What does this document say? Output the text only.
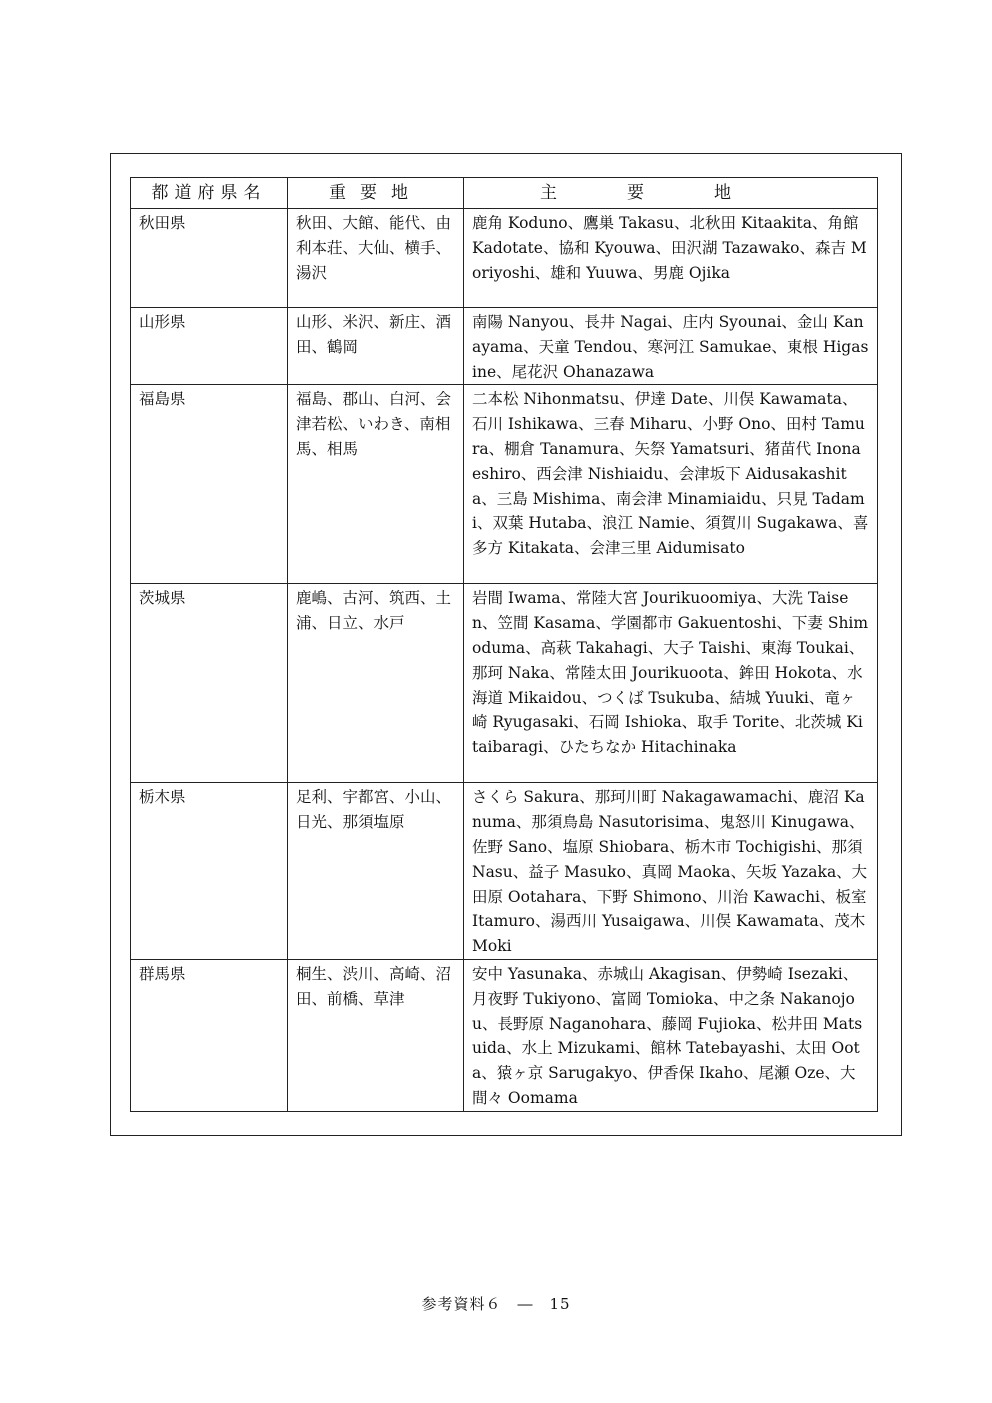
都道府県名	重要地	主要地
秋田県	秋田、大館、能代、由利本荘、大仙、横手、湯沢	鹿角 Koduno、鷹巣 Takasu、北秋田 Kitaakita、角館 Kadotate、協和 Kyouwa、田沢湖 Tazawako、森吉 Moriyoshi、雄和 Yuuwa、男鹿 Ojika
山形県	山形、米沢、新庄、酒田、鶴岡	南陽 Nanyou、長井 Nagai、庄内 Syounai、金山 Kanayama、天童 Tendou、寒河江 Samukae、東根 Higasine、尾花沢 Ohanazawa
福島県	福島、郡山、白河、会津若松、いわき、南相馬、相馬	二本松 Nihonmatsu、伊達 Date、川俣 Kawamata、石川 Ishikawa、三春 Miharu、小野 Ono、田村 Tamura、棚倉 Tanamura、矢祭 Yamatsuri、猪苗代 Inonaeshiro、西会津 Nishiaidu、会津坂下 Aidusakashita、三島 Mishima、南会津 Minamiaidu、只見 Tadami、双葉 Hutaba、浪江 Namie、須賀川 Sugakawa、喜多方 Kitakata、会津三里 Aidumisato
茨城県	鹿嶋、古河、筑西、土浦、日立、水戸	岩間 Iwama、常陸大宮 Jourikuoomiya、大洗 Taisen、笠間 Kasama、学園都市 Gakuentoshi、下妻 Shimoduma、高萩 Takahagi、大子 Taishi、東海 Toukai、那珂 Naka、常陸太田 Jourikuoota、鉾田 Hokota、水海道 Mikaidou、つくば Tsukuba、結城 Yuuki、竜ヶ崎 Ryugasaki、石岡 Ishioka、取手 Torite、北茨城 Kitaibaragi、ひたちなか Hitachinaka
栃木県	足利、宇都宮、小山、日光、那須塩原	さくら Sakura、那珂川町 Nakagawamachi、鹿沼 Kanuma、那須鳥島 Nasutorisima、鬼怒川 Kinugawa、佐野 Sano、塩原 Shiobara、栃木市 Tochigishi、那須 Nasu、益子 Masuko、真岡 Maoka、矢坂 Yazaka、大田原 Ootahara、下野 Shimono、川治 Kawachi、板室 Itamuro、湯西川 Yusaigawa、川俣 Kawamata、茂木 Moki
群馬県	桐生、渋川、高崎、沼田、前橋、草津	安中 Yasunaka、赤城山 Akagisan、伊勢崎 Isezaki、月夜野 Tukiyono、富岡 Tomioka、中之条 Nakanojou、長野原 Naganohara、藤岡 Fujioka、松井田 Matsuida、水上 Mizukami、館林 Tatebayashi、太田 Oota、猿ヶ京 Sarugakyo、伊香保 Ikaho、尾瀬 Oze、大間々 Oomama
参考資料６　―　15
